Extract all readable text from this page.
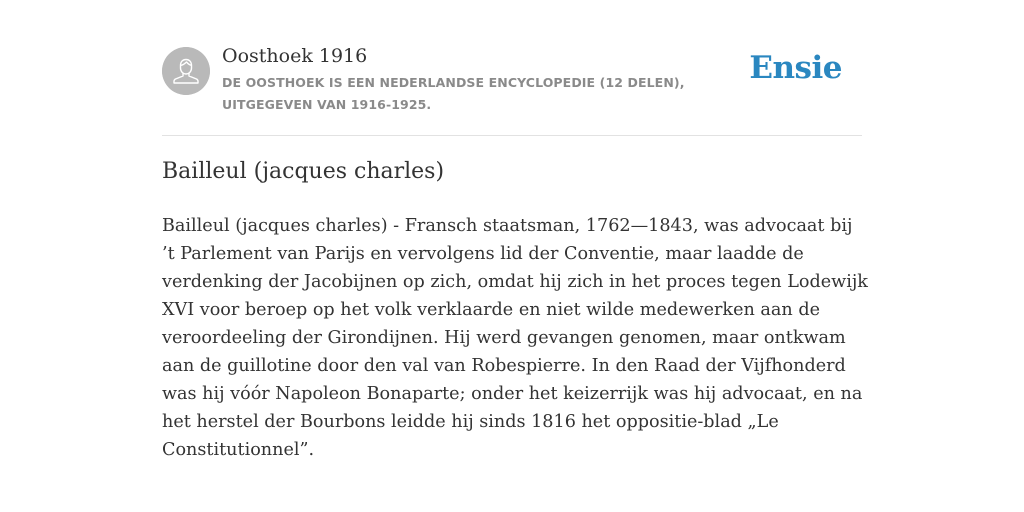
Oosthoek 1916
DE OOSTHOEK IS EEN NEDERLANDSE ENCYCLOPEDIE (12 DELEN), UITGEGEVEN VAN 1916-1925.
Ensie
Bailleul (jacques charles)

Bailleul (jacques charles) - Fransch staatsman, 1762—1843, was advocaat bij ’t Parlement van Parijs en vervolgens lid der Conventie, maar laadde de verdenking der Jacobijnen op zich, omdat hij zich in het proces tegen Lodewijk XVI voor beroep op het volk verklaarde en niet wilde medewerken aan de veroordeeling der Girondijnen. Hij werd gevangen genomen, maar ontkwam aan de guillotine door den val van Robespierre. In den Raad der Vijfhonderd was hij vóór Napoleon Bonaparte; onder het keizerrijk was hij advocaat, en na het herstel der Bourbons leidde hij sinds 1816 het oppositie-blad „Le Constitutionnel”.
